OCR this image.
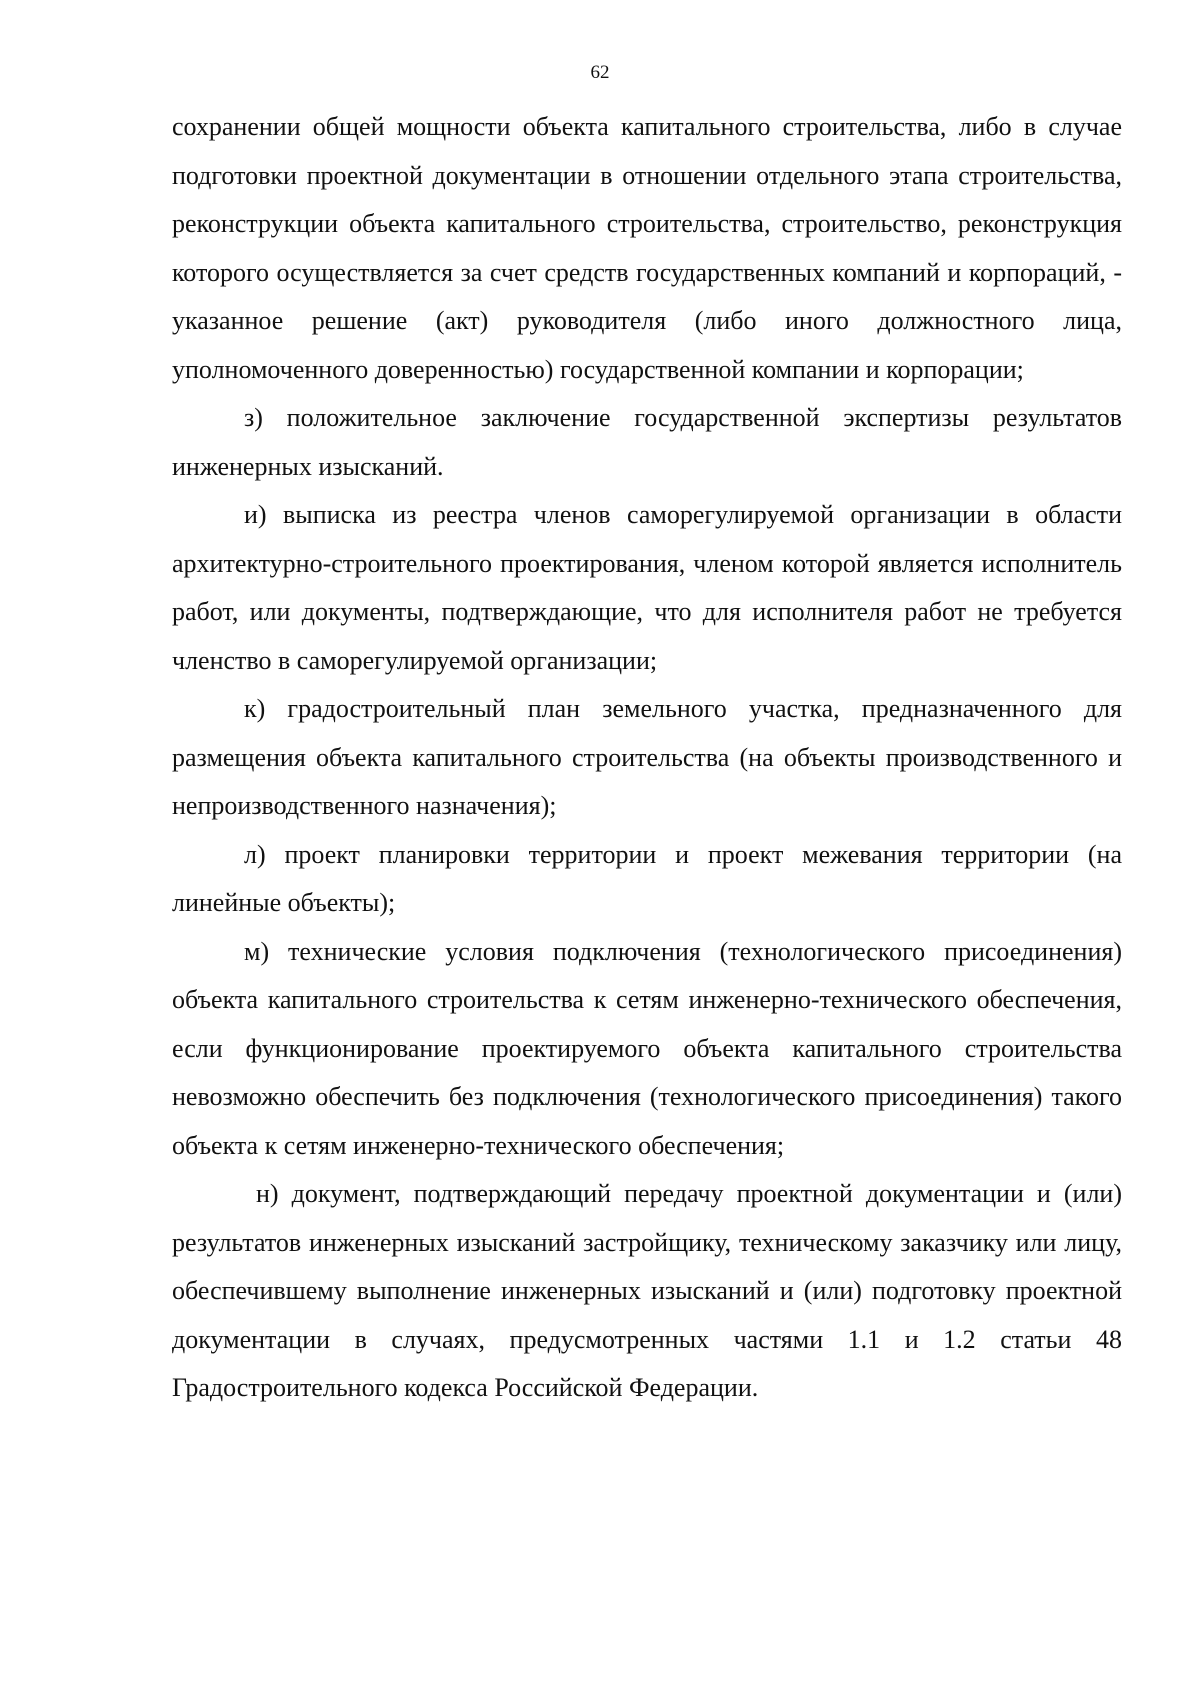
62

сохранении общей мощности объекта капитального строительства, либо в случае подготовки проектной документации в отношении отдельного этапа строительства, реконструкции объекта капитального строительства, строительство, реконструкция которого осуществляется за счет средств государственных компаний и корпораций, - указанное решение (акт) руководителя (либо иного должностного лица, уполномоченного доверенностью) государственной компании и корпорации;

з) положительное заключение государственной экспертизы результатов инженерных изысканий.

и) выписка из реестра членов саморегулируемой организации в области архитектурно-строительного проектирования, членом которой является исполнитель работ, или документы, подтверждающие, что для исполнителя работ не требуется членство в саморегулируемой организации;

к) градостроительный план земельного участка, предназначенного для размещения объекта капитального строительства (на объекты производственного и непроизводственного назначения);

л) проект планировки территории и проект межевания территории (на линейные объекты);

м) технические условия подключения (технологического присоединения) объекта капитального строительства к сетям инженерно-технического обеспечения, если функционирование проектируемого объекта капитального строительства невозможно обеспечить без подключения (технологического присоединения) такого объекта к сетям инженерно-технического обеспечения;

н) документ, подтверждающий передачу проектной документации и (или) результатов инженерных изысканий застройщику, техническому заказчику или лицу, обеспечившему выполнение инженерных изысканий и (или) подготовку проектной документации в случаях, предусмотренных частями 1.1 и 1.2 статьи 48 Градостроительного кодекса Российской Федерации.
